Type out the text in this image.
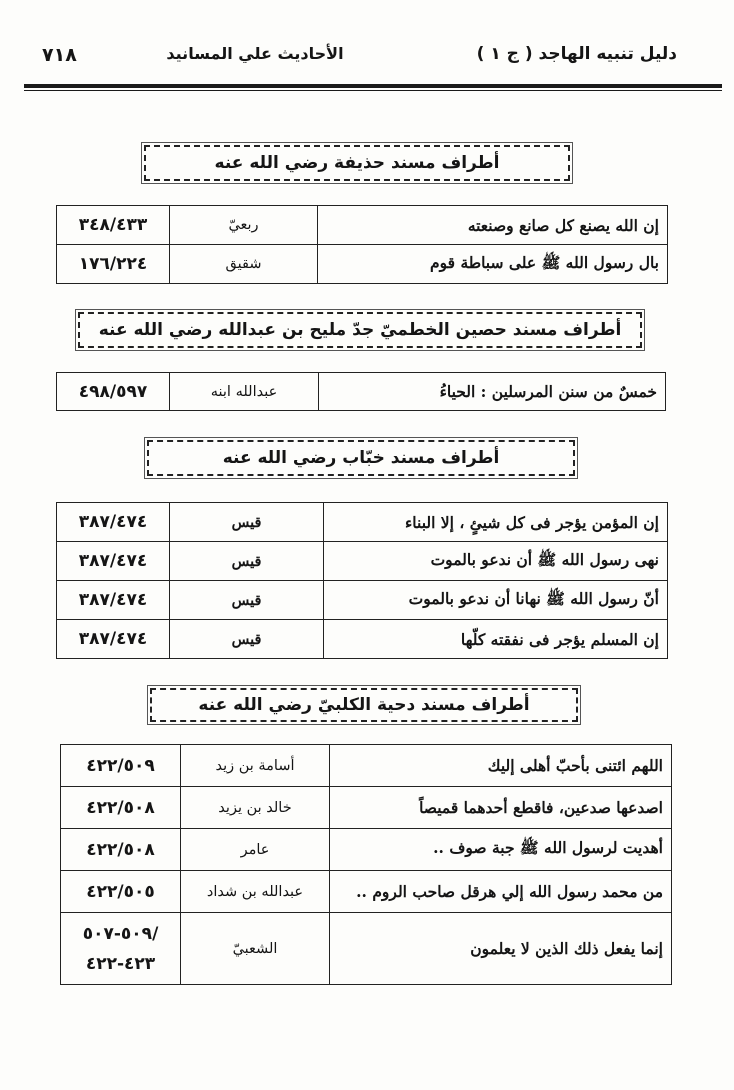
٧١٨	الأحاديث علي المسانيد	دليل تنبيه الهاجد ( ج ١ )
أطراف مسند حذيفة رضي الله عنه
إن الله يصنع كل صانع وصنعته	ربعيّ	٣٤٨/٤٣٣
بال رسول الله ﷺ على سباطة قوم	شقيق	١٧٦/٢٢٤
أطراف مسند حصين الخطميّ جدّ مليح بن عبدالله رضي الله عنه
خمسٌ من سنن المرسلين : الحياءُ	عبدالله ابنه	٤٩٨/٥٩٧
أطراف مسند خبّاب رضي الله عنه
إن المؤمن يؤجر فى كل شيئٍ ، إلا البناء	قيس	٣٨٧/٤٧٤
نهى رسول الله ﷺ أن ندعو بالموت	قيس	٣٨٧/٤٧٤
أنّ رسول الله ﷺ نهانا أن ندعو بالموت	قيس	٣٨٧/٤٧٤
إن المسلم يؤجر فى نفقته كلّها	قيس	٣٨٧/٤٧٤
أطراف مسند دحية الكلبيّ رضي الله عنه
اللهم ائتنى بأحبّ أهلى إليك	أسامة بن زيد	٤٢٢/٥٠٩
اصدعها صدعين، فاقطع أحدهما قميصاً	خالد بن يزيد	٤٢٢/٥٠٨
أهديت لرسول الله ﷺ جبة صوف ..	عامر	٤٢٢/٥٠٨
من محمد رسول الله إلي هرقل صاحب الروم ..	عبدالله بن شداد	٤٢٢/٥٠٥
إنما يفعل ذلك الذين لا يعلمون	الشعبيّ	/٥٠٩-٥٠٧
٤٢٣-٤٢٢
